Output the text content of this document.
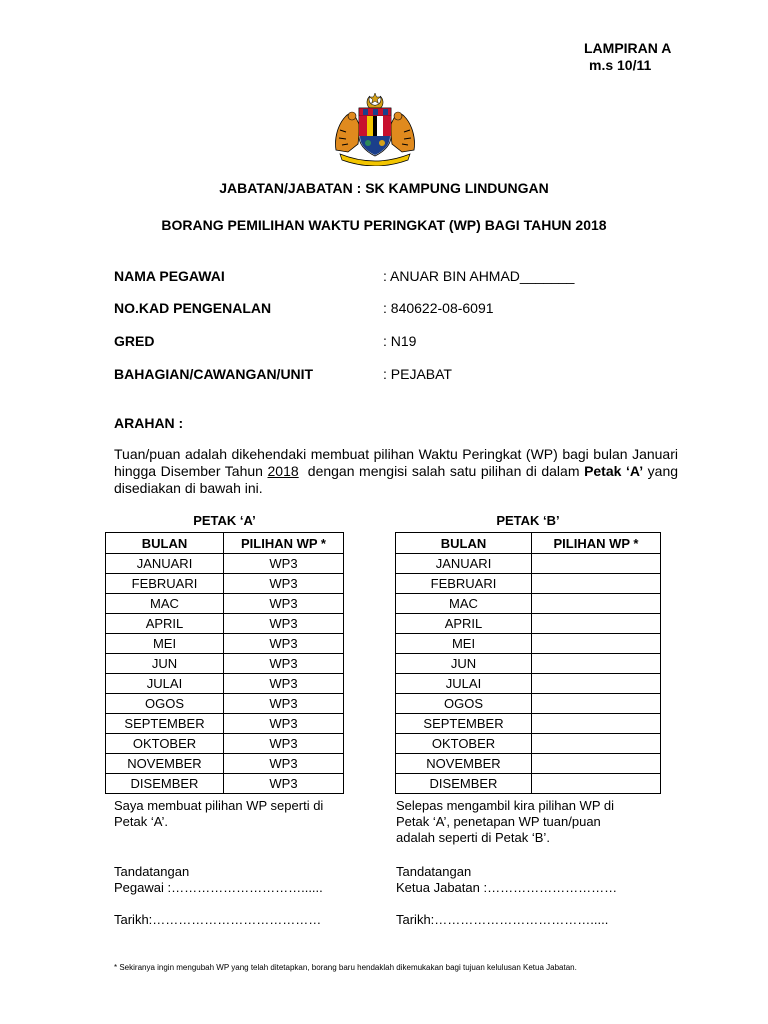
LAMPIRAN A
m.s 10/11
JABATAN/JABATAN : SK KAMPUNG LINDUNGAN
BORANG PEMILIHAN WAKTU PERINGKAT (WP) BAGI TAHUN 2018
NAMA PEGAWAI	: ANUAR BIN AHMAD_______
NO.KAD PENGENALAN	: 840622-08-6091
GRED	: N19
BAHAGIAN/CAWANGAN/UNIT	: PEJABAT
ARAHAN :
Tuan/puan adalah dikehendaki membuat pilihan Waktu Peringkat (WP) bagi bulan Januari hingga Disember Tahun 2018 dengan mengisi salah satu pilihan di dalam Petak ‘A’ yang disediakan di bawah ini.
PETAK ‘A’
BULAN	PILIHAN WP *
JANUARI	WP3
FEBRUARI	WP3
MAC	WP3
APRIL	WP3
MEI	WP3
JUN	WP3
JULAI	WP3
OGOS	WP3
SEPTEMBER	WP3
OKTOBER	WP3
NOVEMBER	WP3
DISEMBER	WP3
Saya membuat pilihan WP seperti di Petak ‘A’.
PETAK ‘B’
BULAN	PILIHAN WP *
JANUARI	
FEBRUARI	
MAC	
APRIL	
MEI	
JUN	
JULAI	
OGOS	
SEPTEMBER	
OKTOBER	
NOVEMBER	
DISEMBER	
Selepas mengambil kira pilihan WP di Petak ‘A’, penetapan WP tuan/puan adalah seperti di Petak ‘B’.
Tandatangan
Pegawai :…………………………......
Tarikh:…………………………………
Tandatangan
Ketua Jabatan :…………………………
Tarikh:……………………………….....
* Sekiranya ingin mengubah WP yang telah ditetapkan, borang baru hendaklah dikemukakan bagi tujuan kelulusan Ketua Jabatan.
